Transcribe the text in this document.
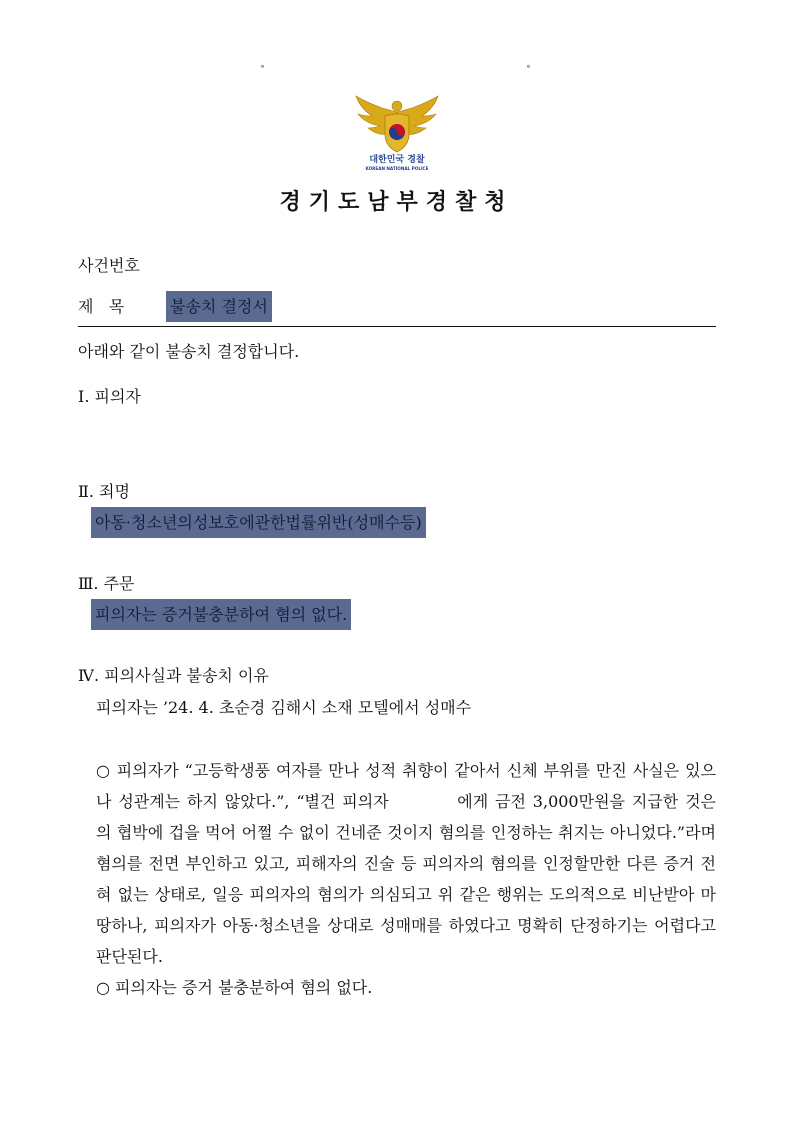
˚	˚
대한민국 경찰
KOREAN NATIONAL POLICE
경기도남부경찰청
사건번호
제   목	불송치 결정서
아래와 같이 불송치 결정합니다.
Ⅰ. 피의자
Ⅱ. 죄명
아동·청소년의성보호에관한법률위반(성매수등)
Ⅲ. 주문
피의자는 증거불충분하여 혐의 없다.
Ⅳ. 피의사실과 불송치 이유
피의자는 ’24. 4. 초순경 김해시 소재 모텔에서 성매수

○ 피의자가 “고등학생풍 여자를 만나 성적 취향이 같아서 신체 부위를 만진 사실은 있으나 성관계는 하지 않았다.”, “별건 피의자          에게 금전 3,000만원을 지급한 것은          의 협박에 겁을 먹어 어쩔 수 없이 건네준 것이지 혐의를 인정하는 취지는 아니었다.”라며 혐의를 전면 부인하고 있고, 피해자의 진술 등 피의자의 혐의를 인정할만한 다른 증거 전혀 없는 상태로, 일응 피의자의 혐의가 의심되고 위 같은 행위는 도의적으로 비난받아 마땅하나, 피의자가 아동·청소년을 상대로 성매매를 하였다고 명확히 단정하기는 어렵다고 판단된다.

○ 피의자는 증거 불충분하여 혐의 없다.
